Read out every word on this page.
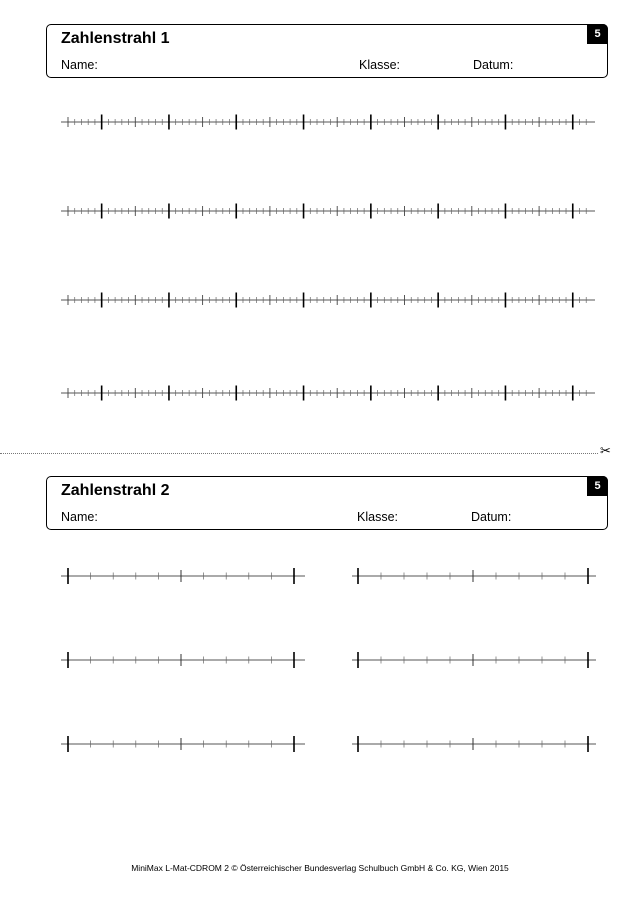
Zahlenstrahl 1
Name:	Klasse:	Datum:
5
✂
Zahlenstrahl 2
Name:	Klasse:	Datum:
5
MiniMax L-Mat-CDROM 2 © Österreichischer Bundesverlag Schulbuch GmbH & Co. KG, Wien 2015
